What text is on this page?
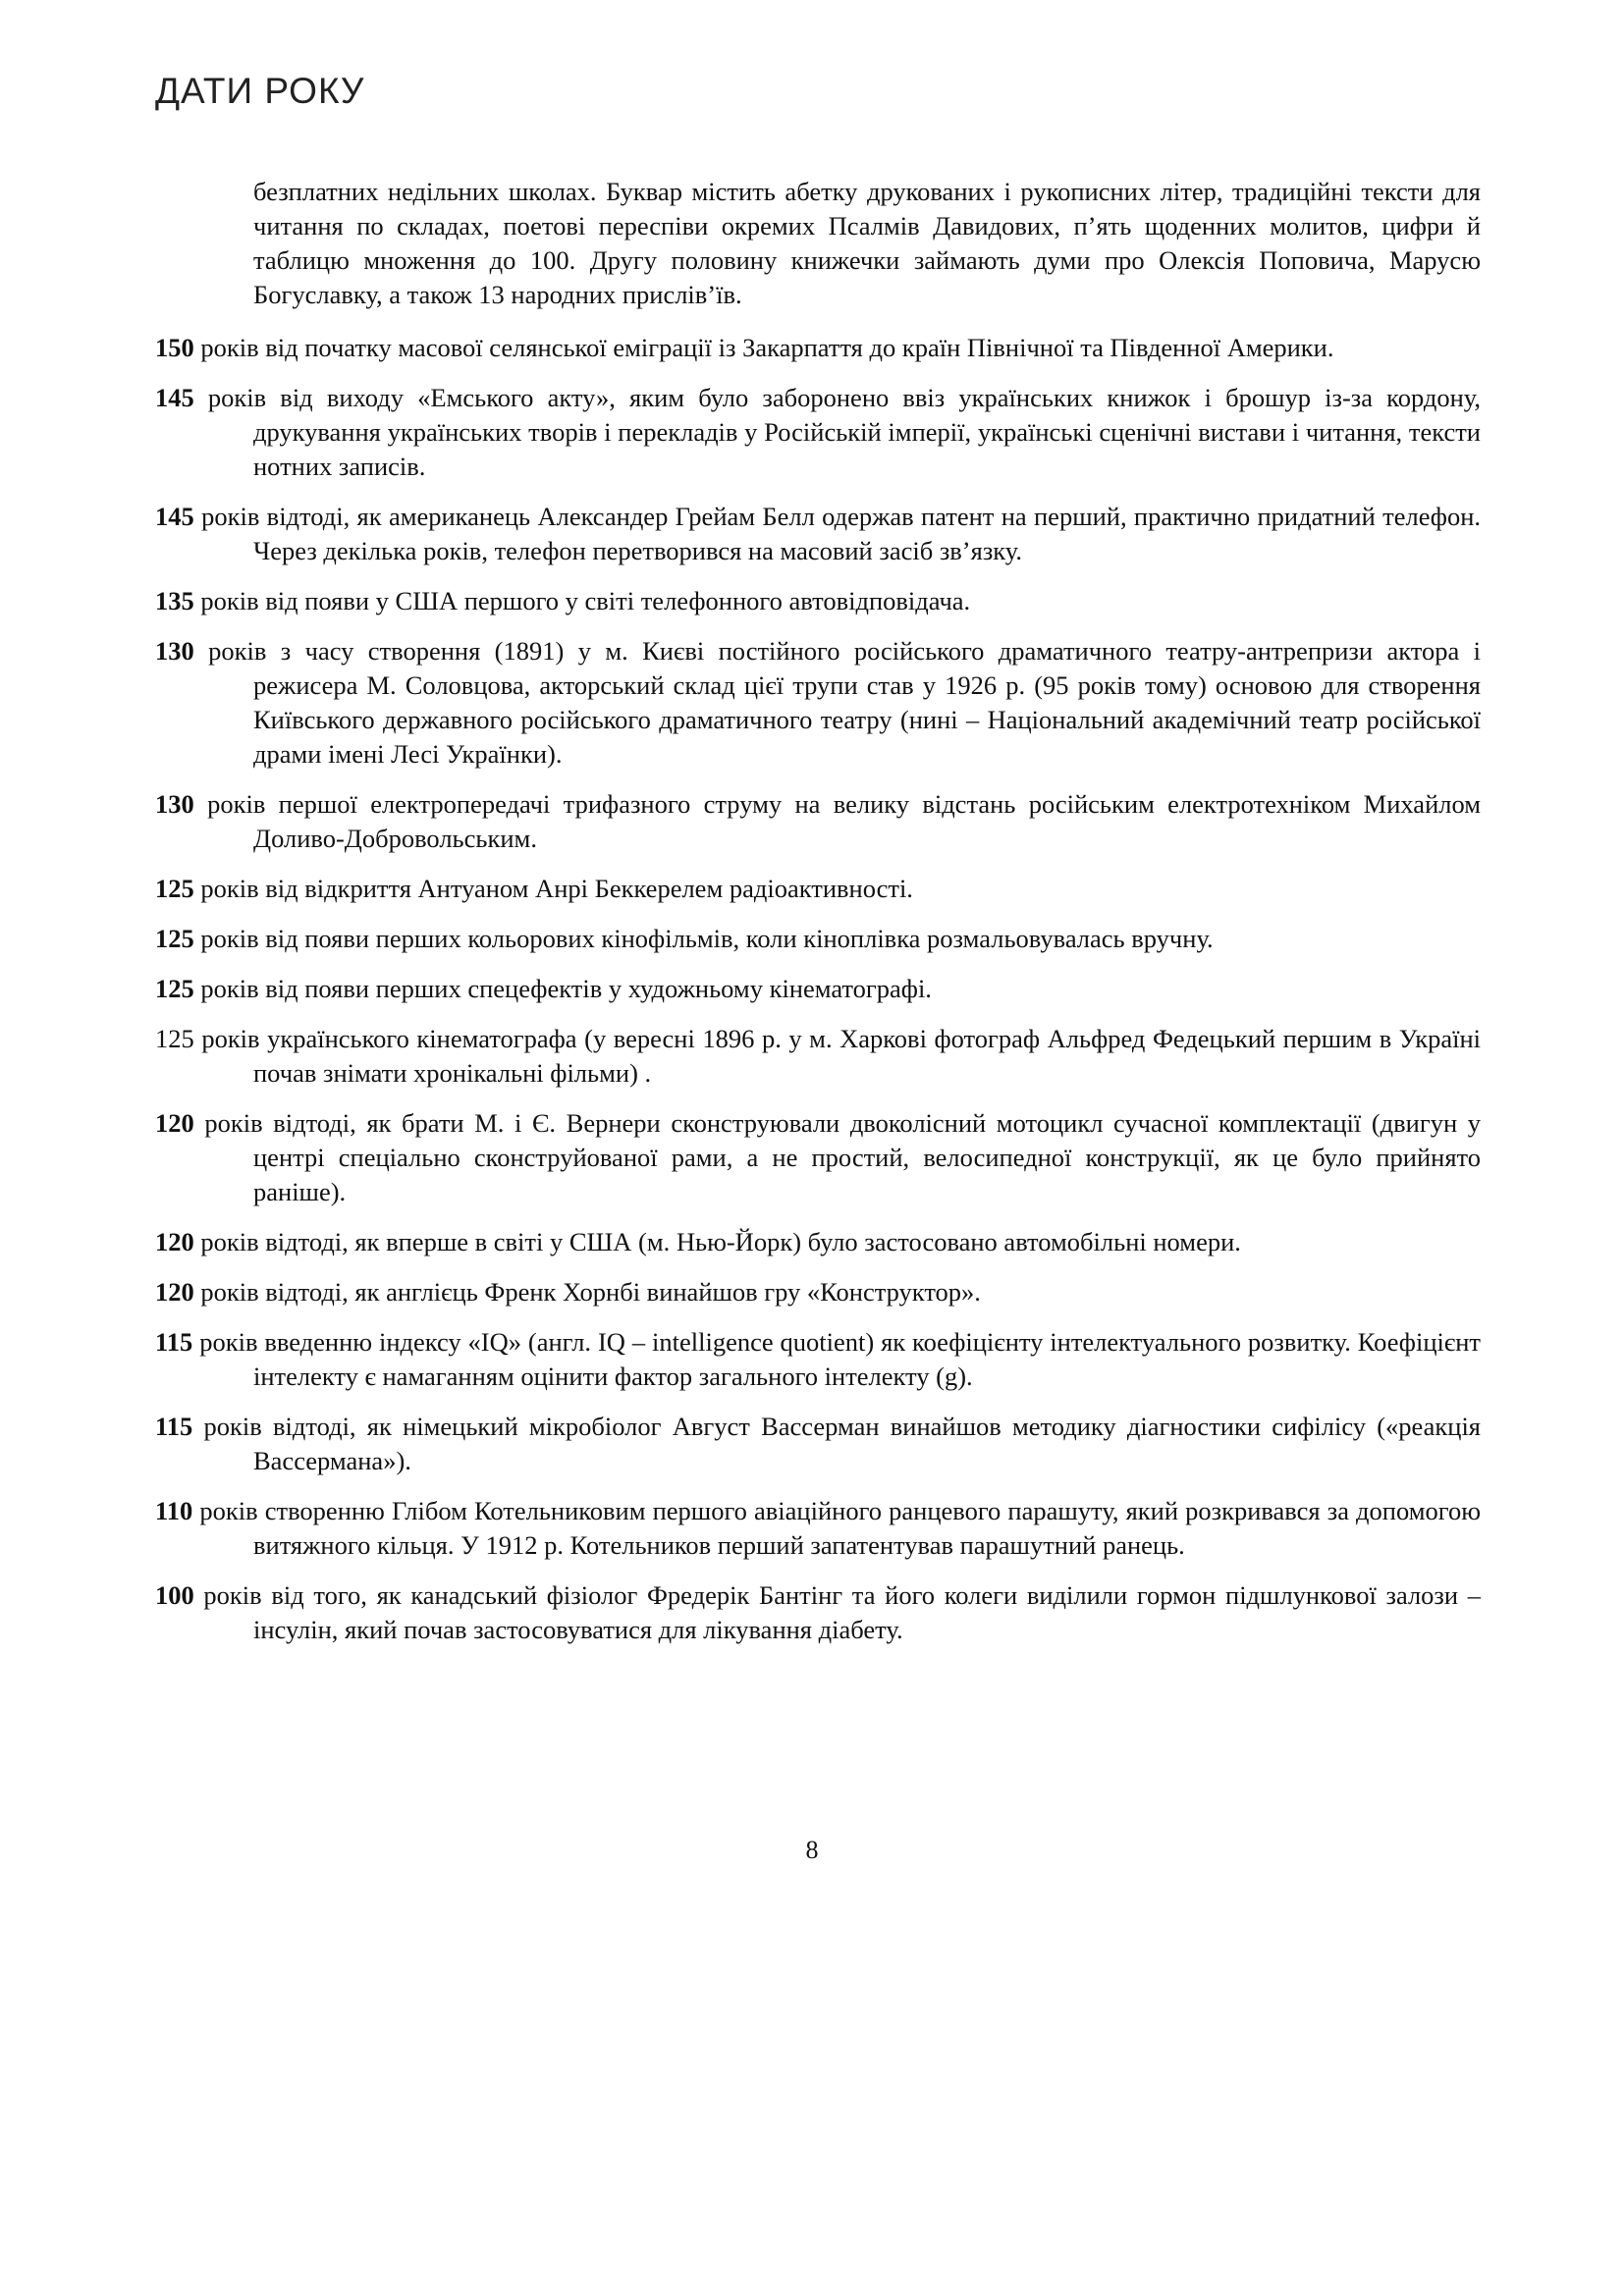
ДАТИ РОКУ

безплатних недільних школах. Буквар містить абетку друкованих і рукописних літер, традиційні тексти для читання по складах, поетові переспіви окремих Псалмів Давидових, п’ять щоденних молитов, цифри й таблицю множення до 100. Другу половину книжечки займають думи про Олексія Поповича, Марусю Богуславку, а також 13 народних прислів’їв.

150 років від початку масової селянської еміграції із Закарпаття до країн Північної та Південної Америки.

145 років від виходу «Емського акту», яким було заборонено ввіз українських книжок і брошур із-за кордону, друкування українських творів і перекладів у Російській імперії, українські сценічні вистави і читання, тексти нотних записів.

145 років відтоді, як американець Александер Грейам Белл одержав патент на перший, практично придатний телефон. Через декілька років, телефон перетворився на масовий засіб зв’язку.

135 років від появи у США першого у світі телефонного автовідповідача.

130 років з часу створення (1891) у м. Києві постійного російського драматичного театру-антрепризи актора і режисера М. Соловцова, акторський склад цієї трупи став у 1926 р. (95 років тому) основою для створення Київського державного російського драматичного театру (нині – Національний академічний театр російської драми імені Лесі Українки).

130 років першої електропередачі трифазного струму на велику відстань російським електротехніком Михайлом Доливо-Добровольським.

125 років від відкриття Антуаном Анрі Беккерелем радіоактивності.

125 років від появи перших кольорових кінофільмів, коли кіноплівка розмальовувалась вручну.

125 років від появи перших спецефектів у художньому кінематографі.

125 років українського кінематографа (у вересні 1896 р. у м. Харкові фотограф Альфред Федецький першим в Україні почав знімати хронікальні фільми) .

120 років відтоді, як брати М. і Є. Вернери сконструювали двоколісний мотоцикл сучасної комплектації (двигун у центрі спеціально сконструйованої рами, а не простий, велосипедної конструкції, як це було прийнято раніше).

120 років відтоді, як вперше в світі у США (м. Нью-Йорк) було застосовано автомобільні номери.

120 років відтоді, як англієць Френк Хорнбі винайшов гру «Конструктор».

115 років введенню індексу «IQ» (англ. IQ – intelligence quotient) як коефіцієнту інтелектуального розвитку. Коефіцієнт інтелекту є намаганням оцінити фактор загального інтелекту (g).

115 років відтоді, як німецький мікробіолог Август Вассерман винайшов методику діагностики сифілісу («реакція Вассермана»).

110 років створенню Глібом Котельниковим першого авіаційного ранцевого парашуту, який розкривався за допомогою витяжного кільця. У 1912 р. Котельников перший запатентував парашутний ранець.

100 років від того, як канадський фізіолог Фредерік Бантінг та його колеги виділили гормон підшлункової залози – інсулін, який почав застосовуватися для лікування діабету.

8
